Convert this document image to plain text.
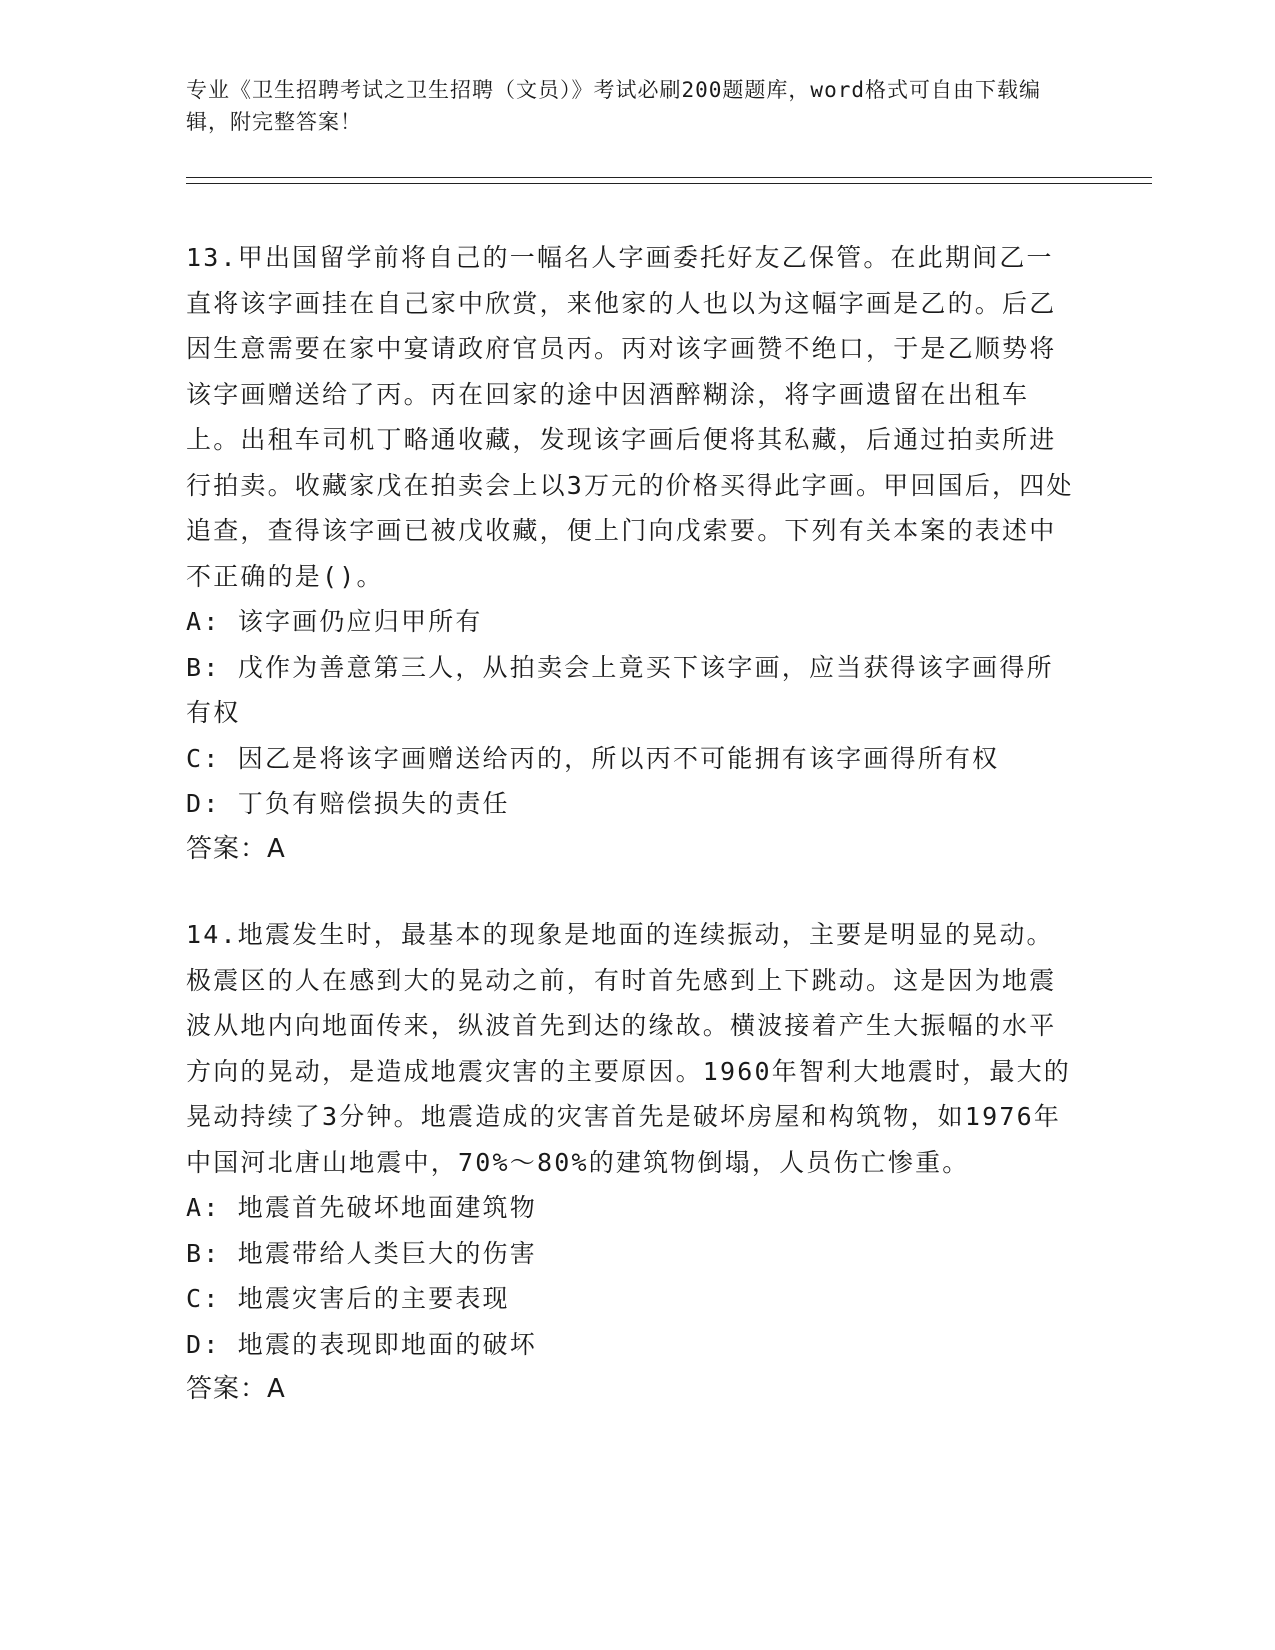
专业《卫生招聘考试之卫生招聘（文员）》考试必刷200题题库，word格式可自由下载编辑，附完整答案！

13.甲出国留学前将自己的一幅名人字画委托好友乙保管。在此期间乙一直将该字画挂在自己家中欣赏，来他家的人也以为这幅字画是乙的。后乙因生意需要在家中宴请政府官员丙。丙对该字画赞不绝口，于是乙顺势将该字画赠送给了丙。丙在回家的途中因酒醉糊涂，将字画遗留在出租车上。出租车司机丁略通收藏，发现该字画后便将其私藏，后通过拍卖所进行拍卖。收藏家戊在拍卖会上以3万元的价格买得此字画。甲回国后，四处追查，查得该字画已被戊收藏，便上门向戊索要。下列有关本案的表述中不正确的是()。

A: 该字画仍应归甲所有

B: 戊作为善意第三人，从拍卖会上竟买下该字画，应当获得该字画得所有权

C: 因乙是将该字画赠送给丙的，所以丙不可能拥有该字画得所有权

D: 丁负有赔偿损失的责任

答案：A

14.地震发生时，最基本的现象是地面的连续振动，主要是明显的晃动。极震区的人在感到大的晃动之前，有时首先感到上下跳动。这是因为地震波从地内向地面传来，纵波首先到达的缘故。横波接着产生大振幅的水平方向的晃动，是造成地震灾害的主要原因。1960年智利大地震时，最大的晃动持续了3分钟。地震造成的灾害首先是破坏房屋和构筑物，如1976年中国河北唐山地震中，70%～80%的建筑物倒塌，人员伤亡惨重。

A: 地震首先破坏地面建筑物

B: 地震带给人类巨大的伤害

C: 地震灾害后的主要表现

D: 地震的表现即地面的破坏

答案：A
